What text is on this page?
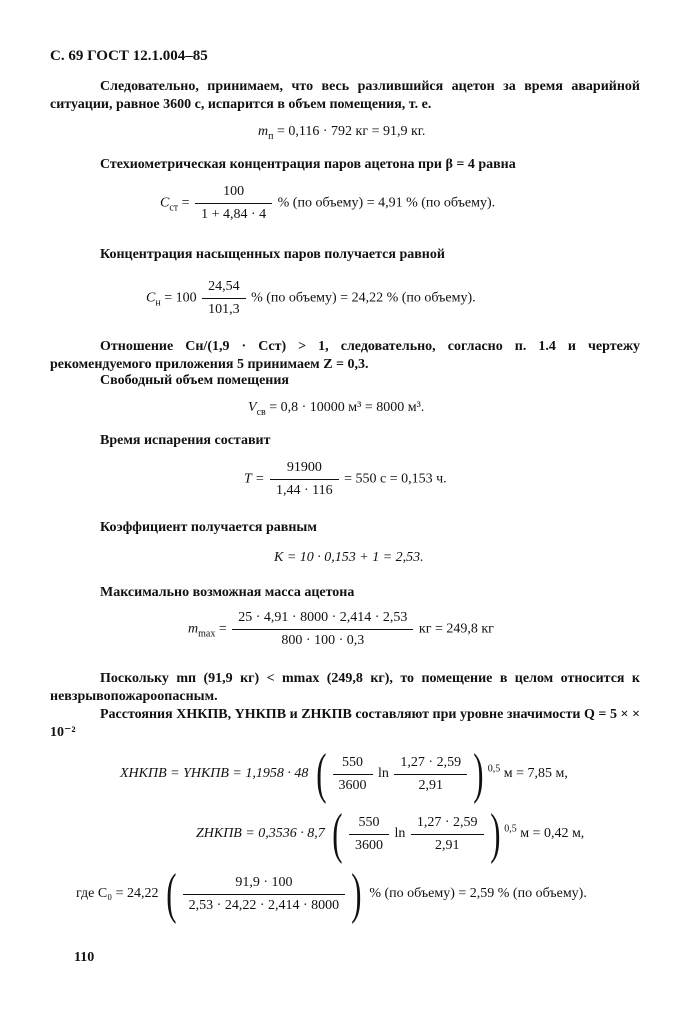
С. 69 ГОСТ 12.1.004–85
Следовательно, принимаем, что весь разлившийся ацетон за время аварийной ситуации, равное 3600 с, испарится в объем помещения, т. е.
$m_п = 0,116 \cdot 792$ кг = 91,9 кг.
Стехиометрическая концентрация паров ацетона при β = 4 равна
$C_{ст} = \frac{100}{1 + 4,84 \cdot 4}$ % (по объему) = 4,91 % (по объему).
Концентрация насыщенных паров получается равной
$C_н = 100 \frac{24,54}{101,3}$ % (по объему) = 24,22 % (по объему).
Отношение Cн/(1,9 · Cст) > 1, следовательно, согласно п. 1.4 и чертежу рекомендуемого приложения 5 принимаем Z = 0,3.
Свободный объем помещения
$V_{св} = 0,8 \cdot 10000$ м³ = 8000 м³.
Время испарения составит
$T = \frac{91900}{1,44 \cdot 116} = 550$ с = 0,153 ч.
Коэффициент получается равным
K = 10 · 0,153 + 1 = 2,53.
Максимально возможная масса ацетона
$m_{max} = \frac{25 \cdot 4,91 \cdot 8000 \cdot 2,414 \cdot 2,53}{800 \cdot 100 \cdot 0,3}$ кг = 249,8 кг
Поскольку mп (91,9 кг) < mmax (249,8 кг), то помещение в целом относится к невзрывопожароопасным.
Расстояния XНКПВ, YНКПВ и ZНКПВ составляют при уровне значимости Q = 5 × × 10⁻²
XНКПВ = YНКПВ = 1,1958 · 48 ( $\frac{550}{3600}$ $\ln \frac{1,27 \cdot 2,59}{2,91}$ ) $^{0,5}$ м = 7,85 м,
ZНКПВ = 0,3536 · 8,7 ( $\frac{550}{3600}$ $\ln \frac{1,27 \cdot 2,59}{2,91}$ ) $^{0,5}$ м = 0,42 м,
где C₀ = 24,22 ( $\frac{91,9 \cdot 100}{2,53 \cdot 24,22 \cdot 2,414 \cdot 8000}$ ) % (по объему) = 2,59 % (по объему).
110
